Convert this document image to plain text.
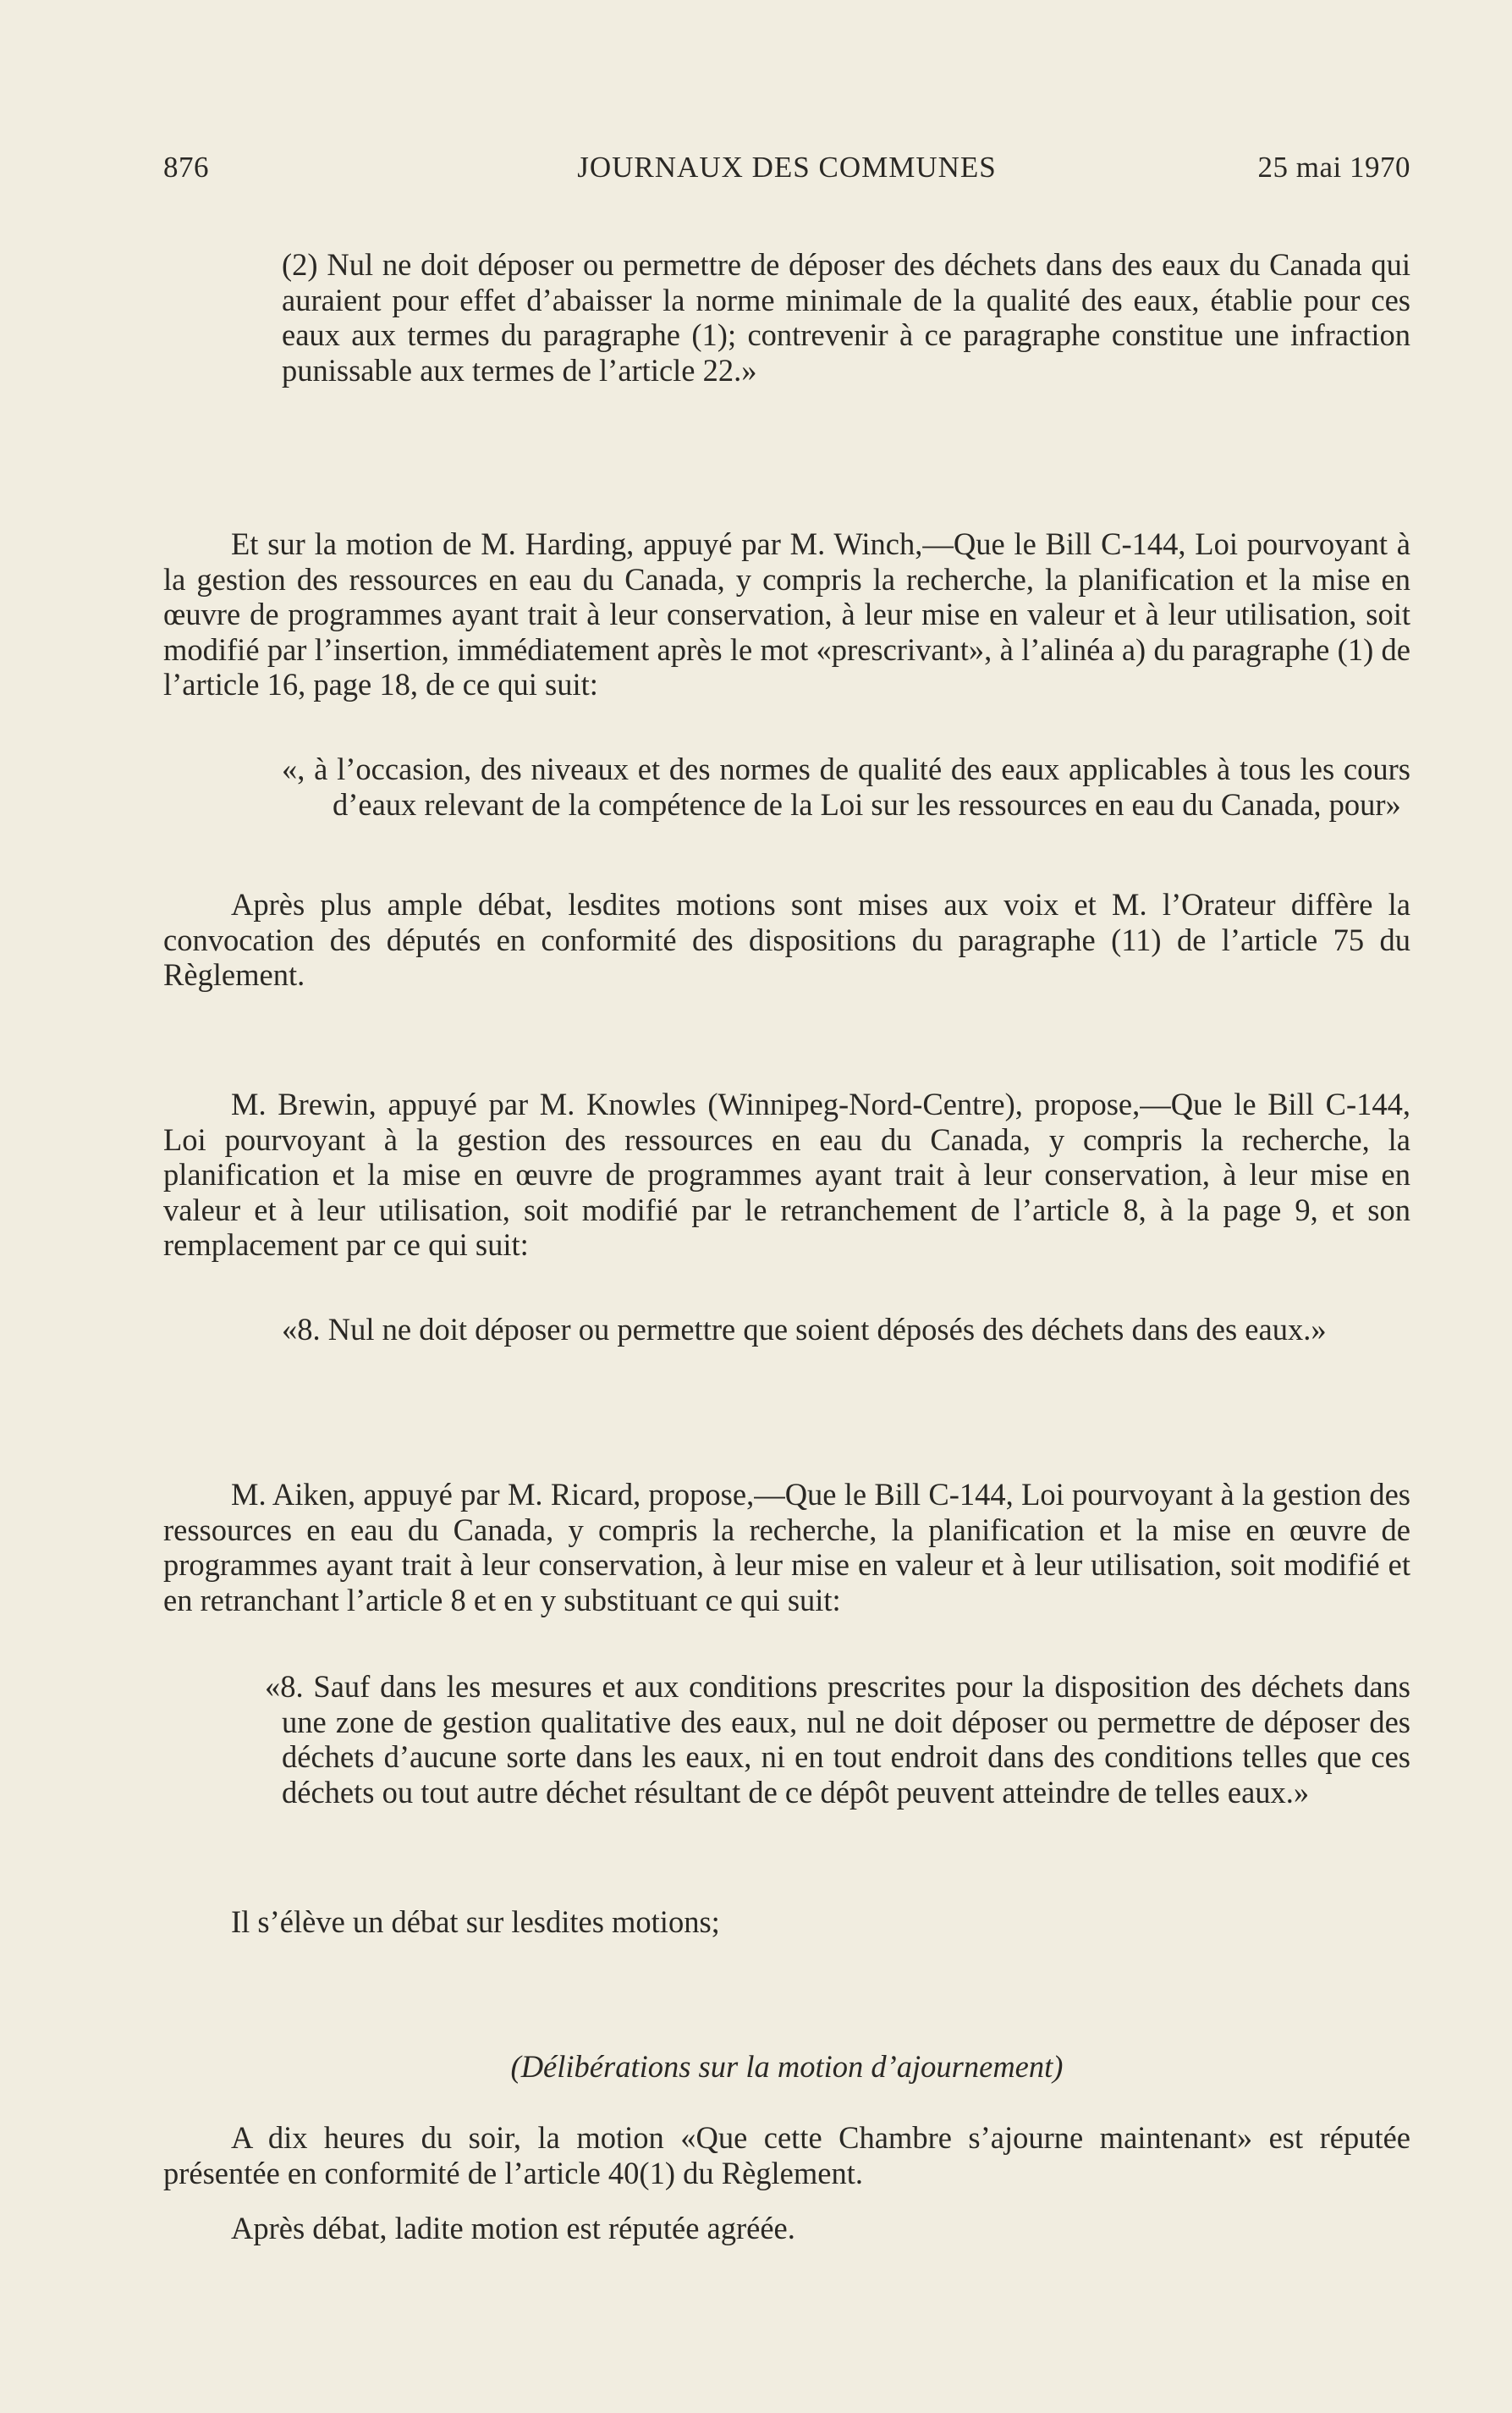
876	JOURNAUX DES COMMUNES	25 mai 1970

(2) Nul ne doit déposer ou permettre de déposer des déchets dans des eaux du Canada qui auraient pour effet d’abaisser la norme minimale de la qualité des eaux, établie pour ces eaux aux termes du paragraphe (1); contrevenir à ce paragraphe constitue une infraction punissable aux termes de l’article 22.»

Et sur la motion de M. Harding, appuyé par M. Winch,—Que le Bill C-144, Loi pourvoyant à la gestion des ressources en eau du Canada, y compris la recherche, la planification et la mise en œuvre de programmes ayant trait à leur conservation, à leur mise en valeur et à leur utilisation, soit modifié par l’insertion, immédiatement après le mot «prescrivant», à l’alinéa a) du paragraphe (1) de l’article 16, page 18, de ce qui suit:

«, à l’occasion, des niveaux et des normes de qualité des eaux applicables à tous les cours d’eaux relevant de la compétence de la Loi sur les ressources en eau du Canada, pour»

Après plus ample débat, lesdites motions sont mises aux voix et M. l’Orateur diffère la convocation des députés en conformité des dispositions du paragraphe (11) de l’article 75 du Règlement.

M. Brewin, appuyé par M. Knowles (Winnipeg-Nord-Centre), propose,—Que le Bill C-144, Loi pourvoyant à la gestion des ressources en eau du Canada, y compris la recherche, la planification et la mise en œuvre de programmes ayant trait à leur conservation, à leur mise en valeur et à leur utilisation, soit modifié par le retranchement de l’article 8, à la page 9, et son remplacement par ce qui suit:

«8. Nul ne doit déposer ou permettre que soient déposés des déchets dans des eaux.»

M. Aiken, appuyé par M. Ricard, propose,—Que le Bill C-144, Loi pourvoyant à la gestion des ressources en eau du Canada, y compris la recherche, la planification et la mise en œuvre de programmes ayant trait à leur conservation, à leur mise en valeur et à leur utilisation, soit modifié et en retranchant l’article 8 et en y substituant ce qui suit:

«8. Sauf dans les mesures et aux conditions prescrites pour la disposition des déchets dans une zone de gestion qualitative des eaux, nul ne doit déposer ou permettre de déposer des déchets d’aucune sorte dans les eaux, ni en tout endroit dans des conditions telles que ces déchets ou tout autre déchet résultant de ce dépôt peuvent atteindre de telles eaux.»

Il s’élève un débat sur lesdites motions;

(Délibérations sur la motion d’ajournement)

A dix heures du soir, la motion «Que cette Chambre s’ajourne maintenant» est réputée présentée en conformité de l’article 40(1) du Règlement.

Après débat, ladite motion est réputée agréée.
